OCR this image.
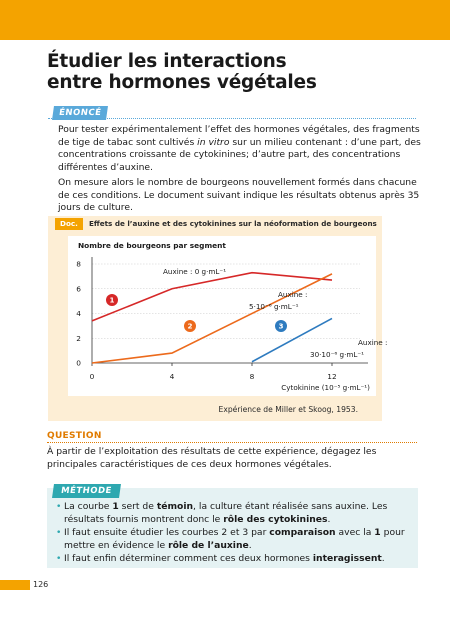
Étudier les interactions
entre hormones végétales
ÉNONCÉ

Pour tester expérimentalement l’effet des hormones végétales, des fragments de tige de tabac sont cultivés in vitro sur un milieu contenant : d’une part, des concentrations croissante de cytokinines; d’autre part, des concentrations différentes d’auxine.

On mesure alors le nombre de bourgeons nouvellement formés dans chacune de ces conditions. Le document suivant indique les résultats obtenus après 35 jours de culture.

Doc.	Effets de l’auxine et des cytokinines sur la néoformation de bourgeons
Nombre de bourgeons par segment
0
2
4
6
8
0	4	8	12
Cytokinine (10⁻⁵ g·mL⁻¹)
1
2	3
Auxine : 0 g·mL⁻¹
Auxine :
5·10⁻⁶ g·mL⁻¹
Auxine :
30·10⁻⁶ g·mL⁻¹
Expérience de Miller et Skoog, 1953.
QUESTION
À partir de l’exploitation des résultats de cette expérience, dégagez les principales caractéristiques de ces deux hormones végétales.
MÉTHODE
• La courbe 1 sert de témoin, la culture étant réalisée sans auxine. Les résultats fournis montrent donc le rôle des cytokinines.
• Il faut ensuite étudier les courbes 2 et 3 par comparaison avec la 1 pour mettre en évidence le rôle de l’auxine.
• Il faut enfin déterminer comment ces deux hormones interagissent.
126
